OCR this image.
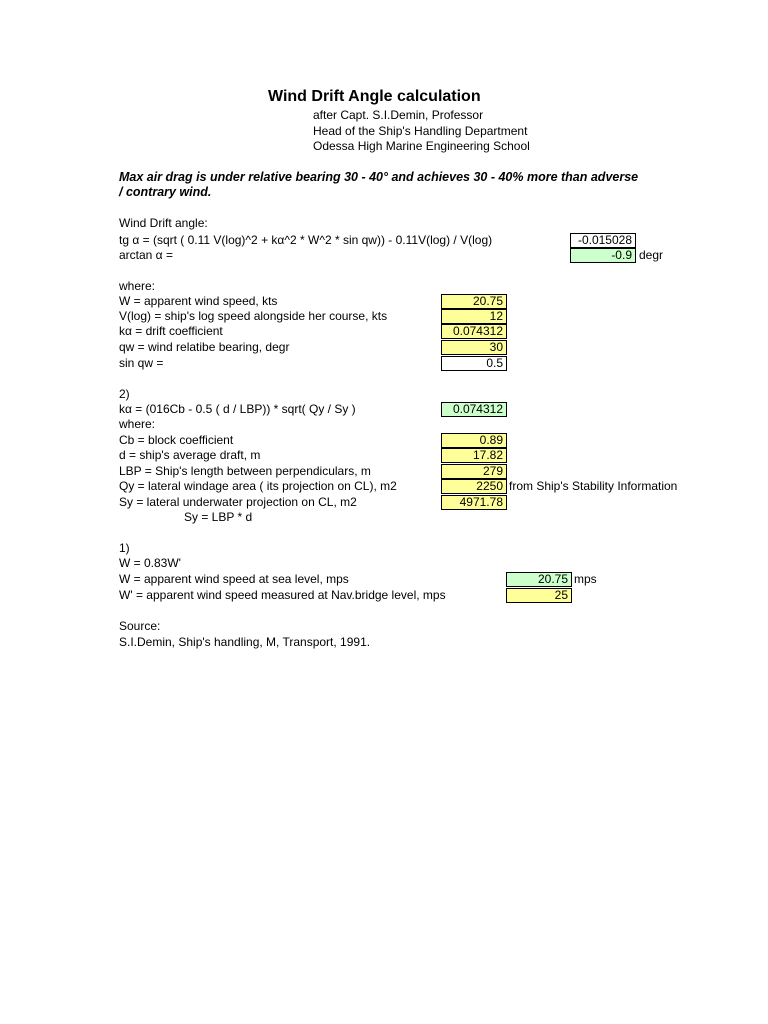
Wind Drift Angle calculation
after Capt. S.I.Demin, Professor
Head of the Ship's Handling Department
Odessa High Marine Engineering School
Max air drag is under relative bearing 30 - 40° and achieves 30 - 40% more than adverse
/ contrary wind.
Wind Drift angle:
tg α = (sqrt ( 0.11 V(log)^2 + kα^2 * W^2 * sin qw)) - 0.11V(log) / V(log)	-0.015028
arctan α =	-0.9 degr
where:
W = apparent wind speed, kts	20.75
V(log) = ship's log speed alongside her course, kts	12
kα = drift coefficient	0.074312
qw = wind relatibe bearing, degr	30
sin qw =	0.5
2)
kα = (016Cb - 0.5 ( d / LBP)) * sqrt( Qy / Sy )	0.074312
where:
Cb = block coefficient	0.89
d = ship's average draft, m	17.82
LBP = Ship's length between perpendiculars, m	279
Qy = lateral windage area ( its projection on CL), m2	2250 from Ship's Stability Information
Sy = lateral underwater projection on CL, m2	4971.78
Sy = LBP * d
1)
W = 0.83W'
W = apparent wind speed at sea level, mps	20.75 mps
W' = apparent wind speed measured at Nav.bridge level, mps	25
Source:
S.I.Demin, Ship's handling, M, Transport, 1991.
